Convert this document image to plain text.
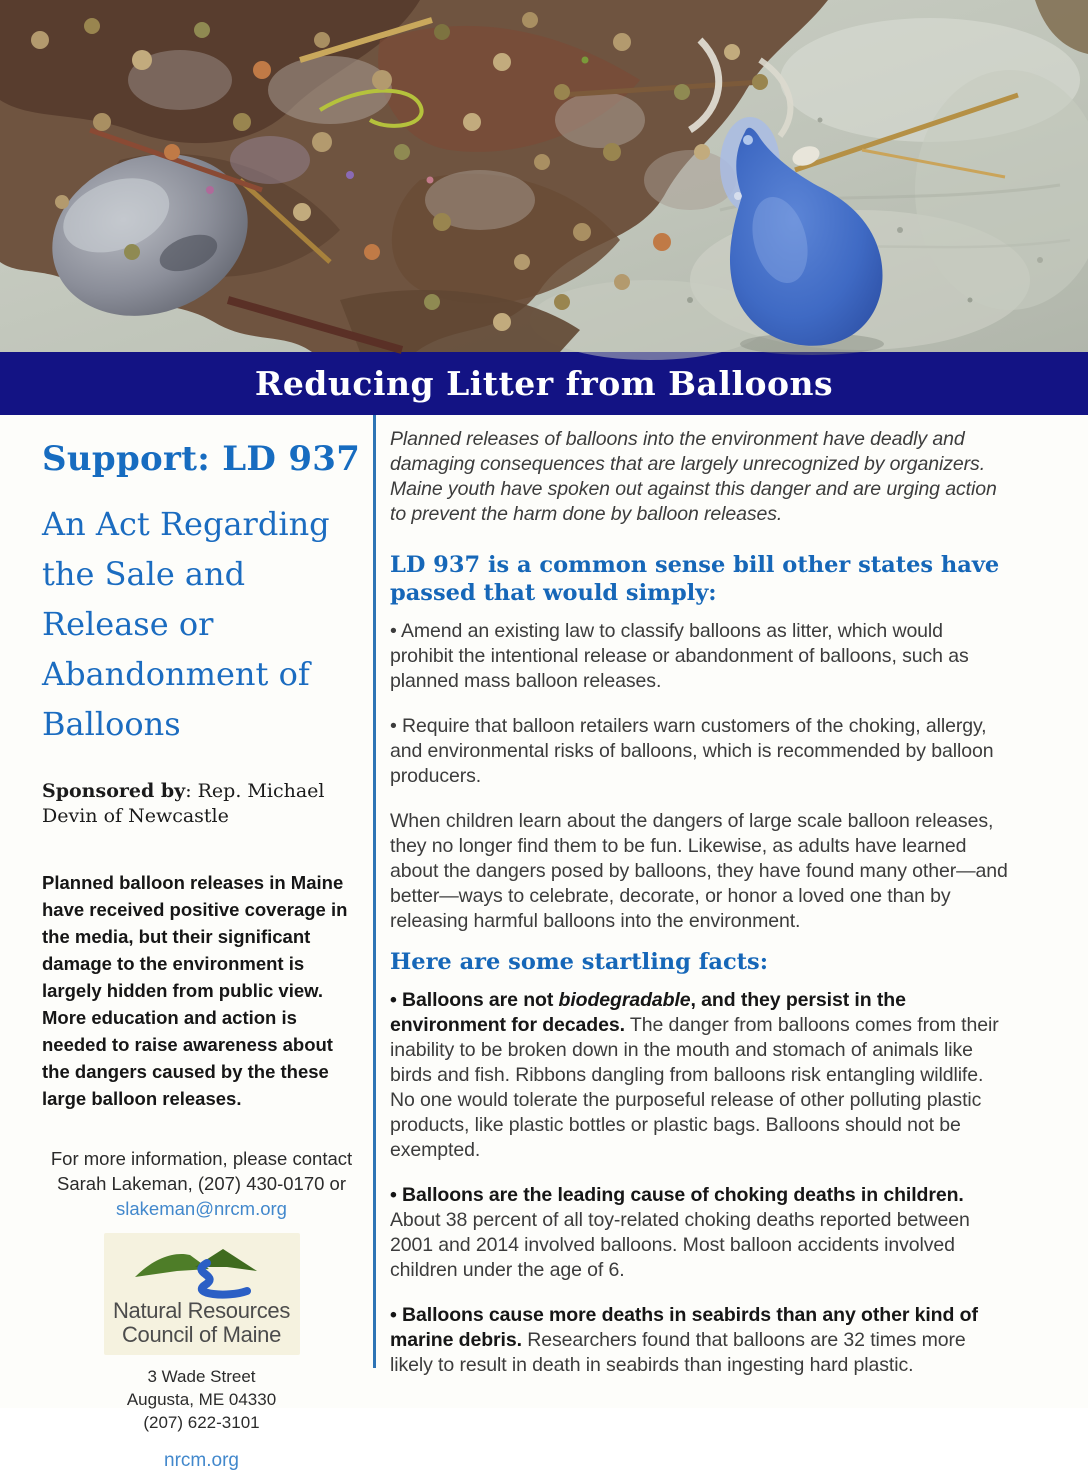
Reducing Litter from Balloons
Support: LD 937
An Act Regarding the Sale and Release or Abandonment of Balloons

Sponsored by: Rep. Michael Devin of Newcastle

Planned balloon releases in Maine have received positive coverage in the media, but their significant damage to the environment is largely hidden from public view. More education and action is needed to raise awareness about the dangers caused by the these large balloon releases.

For more information, please contact
Sarah Lakeman, (207) 430-0170 or
slakeman@nrcm.org
Natural Resources
Council of Maine
3 Wade Street
Augusta, ME 04330
(207) 622-3101
nrcm.org

Planned releases of balloons into the environment have deadly and damaging consequences that are largely unrecognized by organizers. Maine youth have spoken out against this danger and are urging action to prevent the harm done by balloon releases.

LD 937 is a common sense bill other states have passed that would simply:

• Amend an existing law to classify balloons as litter, which would prohibit the intentional release or abandonment of balloons, such as planned mass balloon releases.

• Require that balloon retailers warn customers of the choking, allergy, and environmental risks of balloons, which is recommended by balloon producers.

When children learn about the dangers of large scale balloon releases, they no longer find them to be fun. Likewise, as adults have learned about the dangers posed by balloons, they have found many other—and better—ways to celebrate, decorate, or honor a loved one than by releasing harmful balloons into the environment.

Here are some startling facts:

• Balloons are not biodegradable, and they persist in the environment for decades. The danger from balloons comes from their inability to be broken down in the mouth and stomach of animals like birds and fish. Ribbons dangling from balloons risk entangling wildlife. No one would tolerate the purposeful release of other polluting plastic products, like plastic bottles or plastic bags. Balloons should not be exempted.

• Balloons are the leading cause of choking deaths in children. About 38 percent of all toy-related choking deaths reported between 2001 and 2014 involved balloons. Most balloon accidents involved children under the age of 6.

• Balloons cause more deaths in seabirds than any other kind of marine debris. Researchers found that balloons are 32 times more likely to result in death in seabirds than ingesting hard plastic.
